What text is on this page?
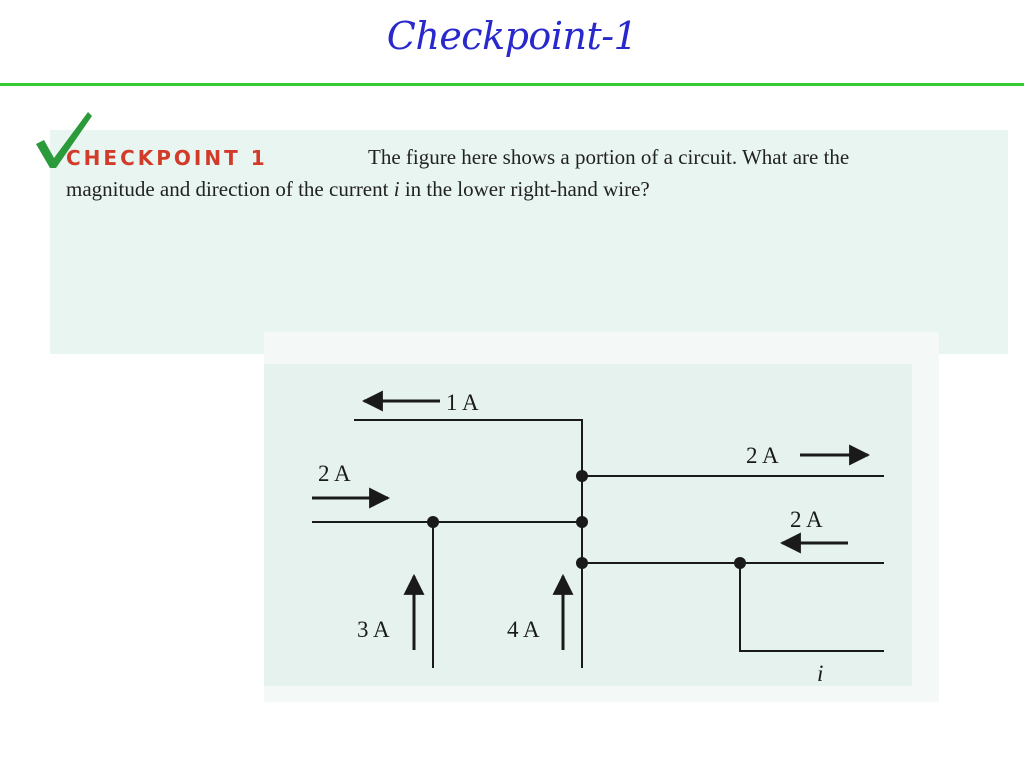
Checkpoint-1
CHECKPOINT 1	The figure here shows a portion of a circuit. What are the
magnitude and direction of the current i in the lower right-hand wire?
1 A
2 A
2 A
2 A
3 A	4 A
i
